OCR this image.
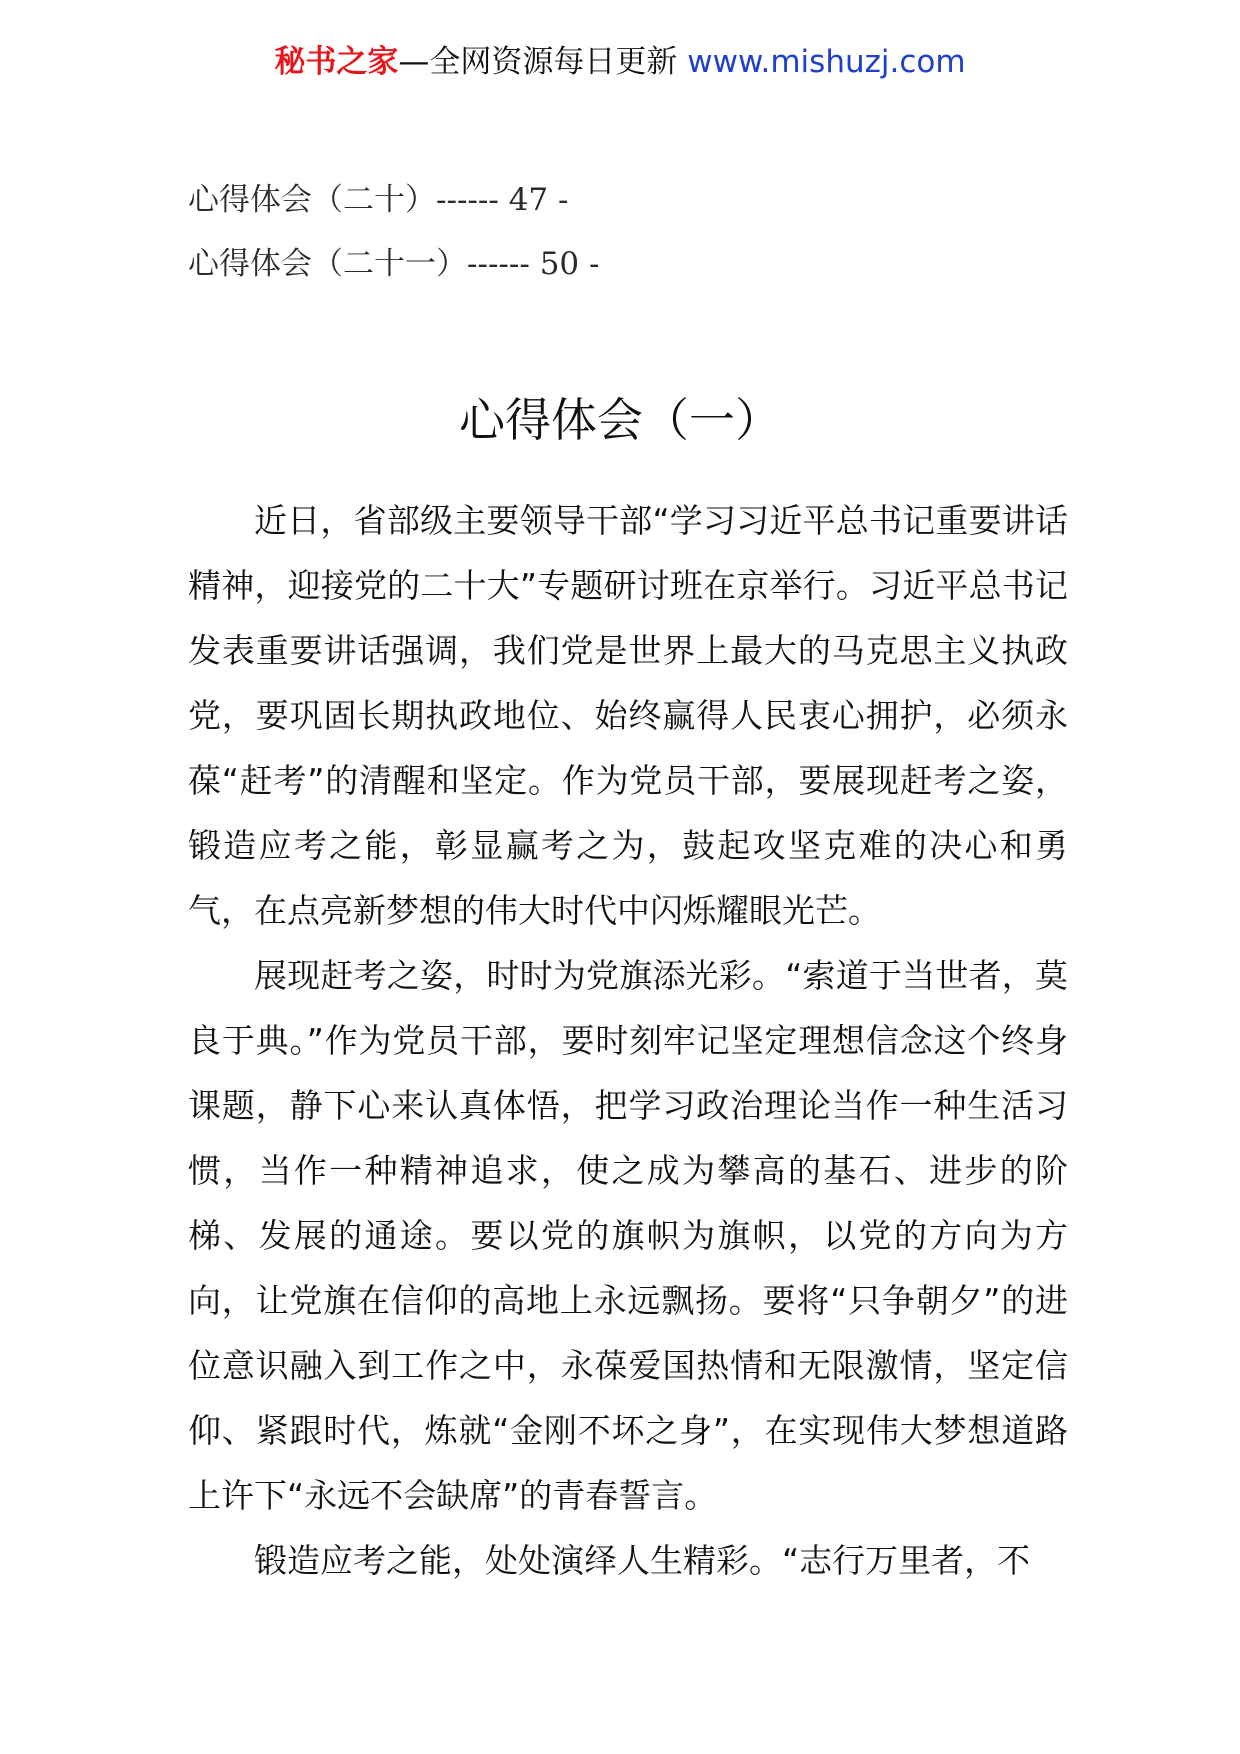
秘书之家—全网资源每日更新 www.mishuzj.com
心得体会（二十）------ 47 -
心得体会（二十一）------ 50 -
心得体会（一）

近日，省部级主要领导干部“学习习近平总书记重要讲话精神，迎接党的二十大”专题研讨班在京举行。习近平总书记发表重要讲话强调，我们党是世界上最大的马克思主义执政党，要巩固长期执政地位、始终赢得人民衷心拥护，必须永葆“赶考”的清醒和坚定。作为党员干部，要展现赶考之姿，锻造应考之能，彰显赢考之为，鼓起攻坚克难的决心和勇气，在点亮新梦想的伟大时代中闪烁耀眼光芒。

展现赶考之姿，时时为党旗添光彩。“索道于当世者，莫良于典。”作为党员干部，要时刻牢记坚定理想信念这个终身课题，静下心来认真体悟，把学习政治理论当作一种生活习惯，当作一种精神追求，使之成为攀高的基石、进步的阶梯、发展的通途。要以党的旗帜为旗帜，以党的方向为方向，让党旗在信仰的高地上永远飘扬。要将“只争朝夕”的进位意识融入到工作之中，永葆爱国热情和无限激情，坚定信仰、紧跟时代，炼就“金刚不坏之身”，在实现伟大梦想道路上许下“永远不会缺席”的青春誓言。

锻造应考之能，处处演绎人生精彩。“志行万里者，不
